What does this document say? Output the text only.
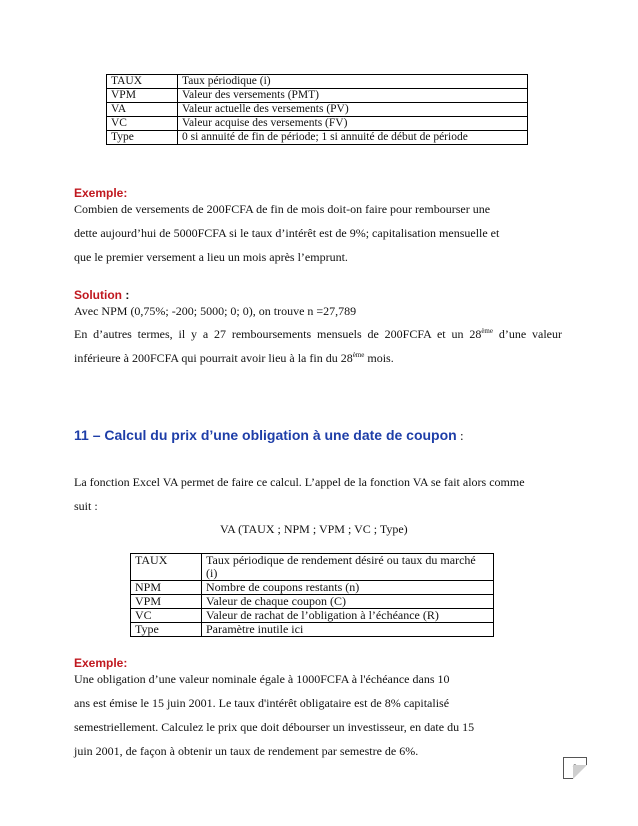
TAUX	Taux périodique (i)
VPM	Valeur des versements (PMT)
VA	Valeur actuelle des versements (PV)
VC	Valeur acquise des versements (FV)
Type	0 si annuité de fin de période; 1 si annuité de début de période
Exemple:
Combien de versements de 200FCFA de fin de mois doit-on faire pour rembourser une
dette aujourd’hui de 5000FCFA si le taux d’intérêt est de 9%; capitalisation mensuelle et
que le premier versement a lieu un mois après l’emprunt.
Solution :
Avec NPM (0,75%; -200; 5000; 0; 0), on trouve n =27,789
En d’autres termes, il y a 27 remboursements mensuels de 200FCFA et un 28ème d’une valeur
inférieure à 200FCFA qui pourrait avoir lieu à la fin du 28ème mois.
11 – Calcul du prix d’une obligation à une date de coupon :
La fonction Excel VA permet de faire ce calcul. L’appel de la fonction VA se fait alors comme
suit :
VA (TAUX ; NPM ; VPM ; VC ; Type)
TAUX	Taux périodique de rendement désiré ou taux du marché (i)
NPM	Nombre de coupons restants (n)
VPM	Valeur de chaque coupon (C)
VC	Valeur de rachat de l’obligation à l’échéance (R)
Type	Paramètre inutile ici
Exemple:
Une obligation d’une valeur nominale égale à 1000FCFA à l'échéance dans 10
ans est émise le 15 juin 2001. Le taux d'intérêt obligataire est de 8% capitalisé
semestriellement. Calculez le prix que doit débourser un investisseur, en date du 15
juin 2001, de façon à obtenir un taux de rendement par semestre de 6%.
9
